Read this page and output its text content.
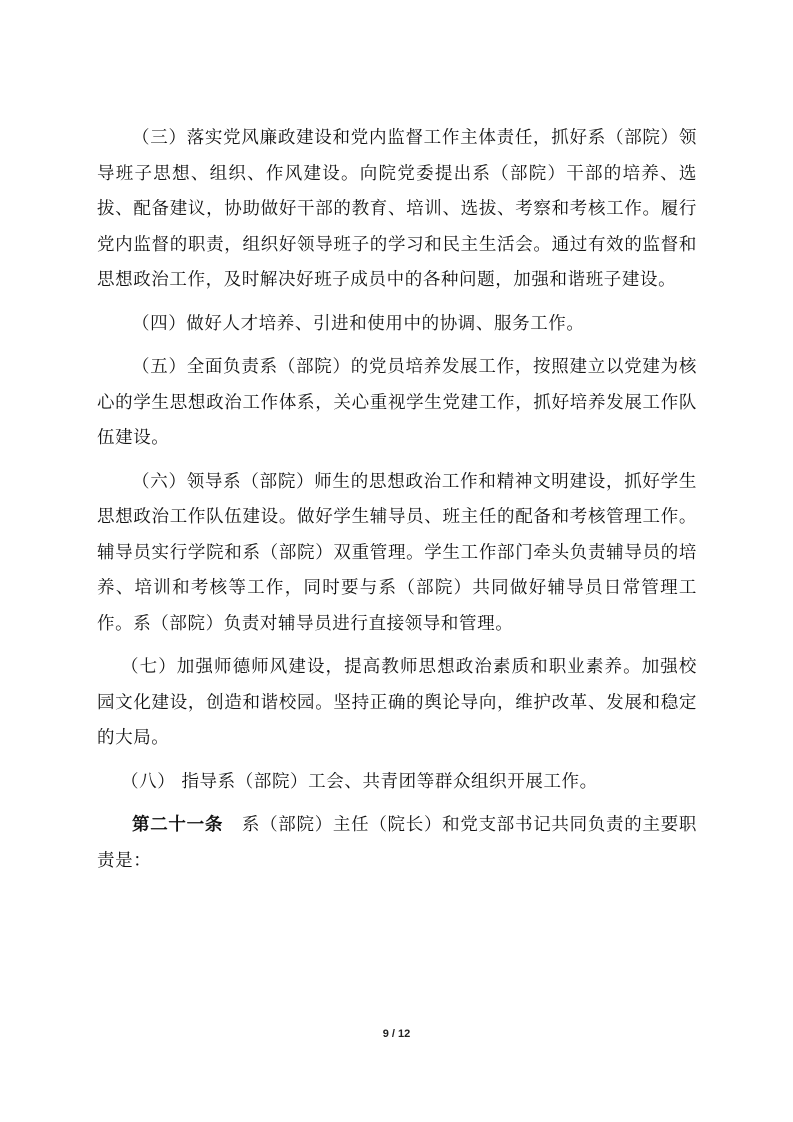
（三）落实党风廉政建设和党内监督工作主体责任，抓好系（部院）领导班子思想、组织、作风建设。向院党委提出系（部院）干部的培养、选拔、配备建议，协助做好干部的教育、培训、选拔、考察和考核工作。履行党内监督的职责，组织好领导班子的学习和民主生活会。通过有效的监督和思想政治工作，及时解决好班子成员中的各种问题，加强和谐班子建设。

（四）做好人才培养、引进和使用中的协调、服务工作。

（五）全面负责系（部院）的党员培养发展工作，按照建立以党建为核心的学生思想政治工作体系，关心重视学生党建工作，抓好培养发展工作队伍建设。

（六）领导系（部院）师生的思想政治工作和精神文明建设，抓好学生思想政治工作队伍建设。做好学生辅导员、班主任的配备和考核管理工作。辅导员实行学院和系（部院）双重管理。学生工作部门牵头负责辅导员的培养、培训和考核等工作，同时要与系（部院）共同做好辅导员日常管理工作。系（部院）负责对辅导员进行直接领导和管理。

（七）加强师德师风建设，提高教师思想政治素质和职业素养。加强校园文化建设，创造和谐校园。坚持正确的舆论导向，维护改革、发展和稳定的大局。

（八） 指导系（部院）工会、共青团等群众组织开展工作。

第二十一条 系（部院）主任（院长）和党支部书记共同负责的主要职责是：

9 / 12
